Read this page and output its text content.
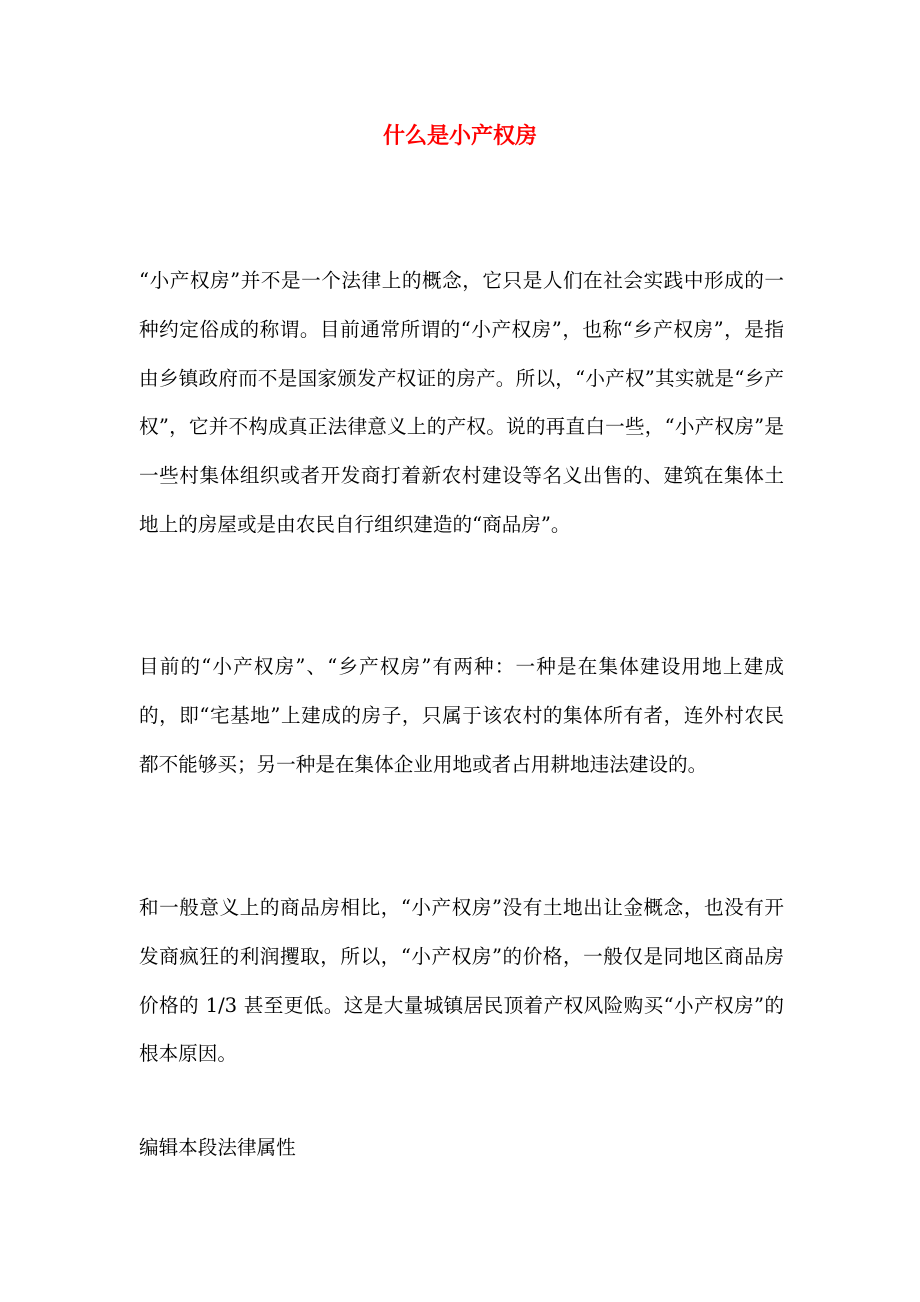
什么是小产权房

“小产权房”并不是一个法律上的概念，它只是人们在社会实践中形成的一种约定俗成的称谓。目前通常所谓的“小产权房”，也称“乡产权房”，是指由乡镇政府而不是国家颁发产权证的房产。所以，“小产权”其实就是“乡产权”，它并不构成真正法律意义上的产权。说的再直白一些，“小产权房”是一些村集体组织或者开发商打着新农村建设等名义出售的、建筑在集体土地上的房屋或是由农民自行组织建造的“商品房”。

目前的“小产权房”、“乡产权房”有两种：一种是在集体建设用地上建成的，即“宅基地”上建成的房子，只属于该农村的集体所有者，连外村农民都不能够买；另一种是在集体企业用地或者占用耕地违法建设的。

和一般意义上的商品房相比，“小产权房”没有土地出让金概念，也没有开发商疯狂的利润攫取，所以，“小产权房”的价格，一般仅是同地区商品房价格的 1/3 甚至更低。这是大量城镇居民顶着产权风险购买“小产权房”的根本原因。

编辑本段法律属性
